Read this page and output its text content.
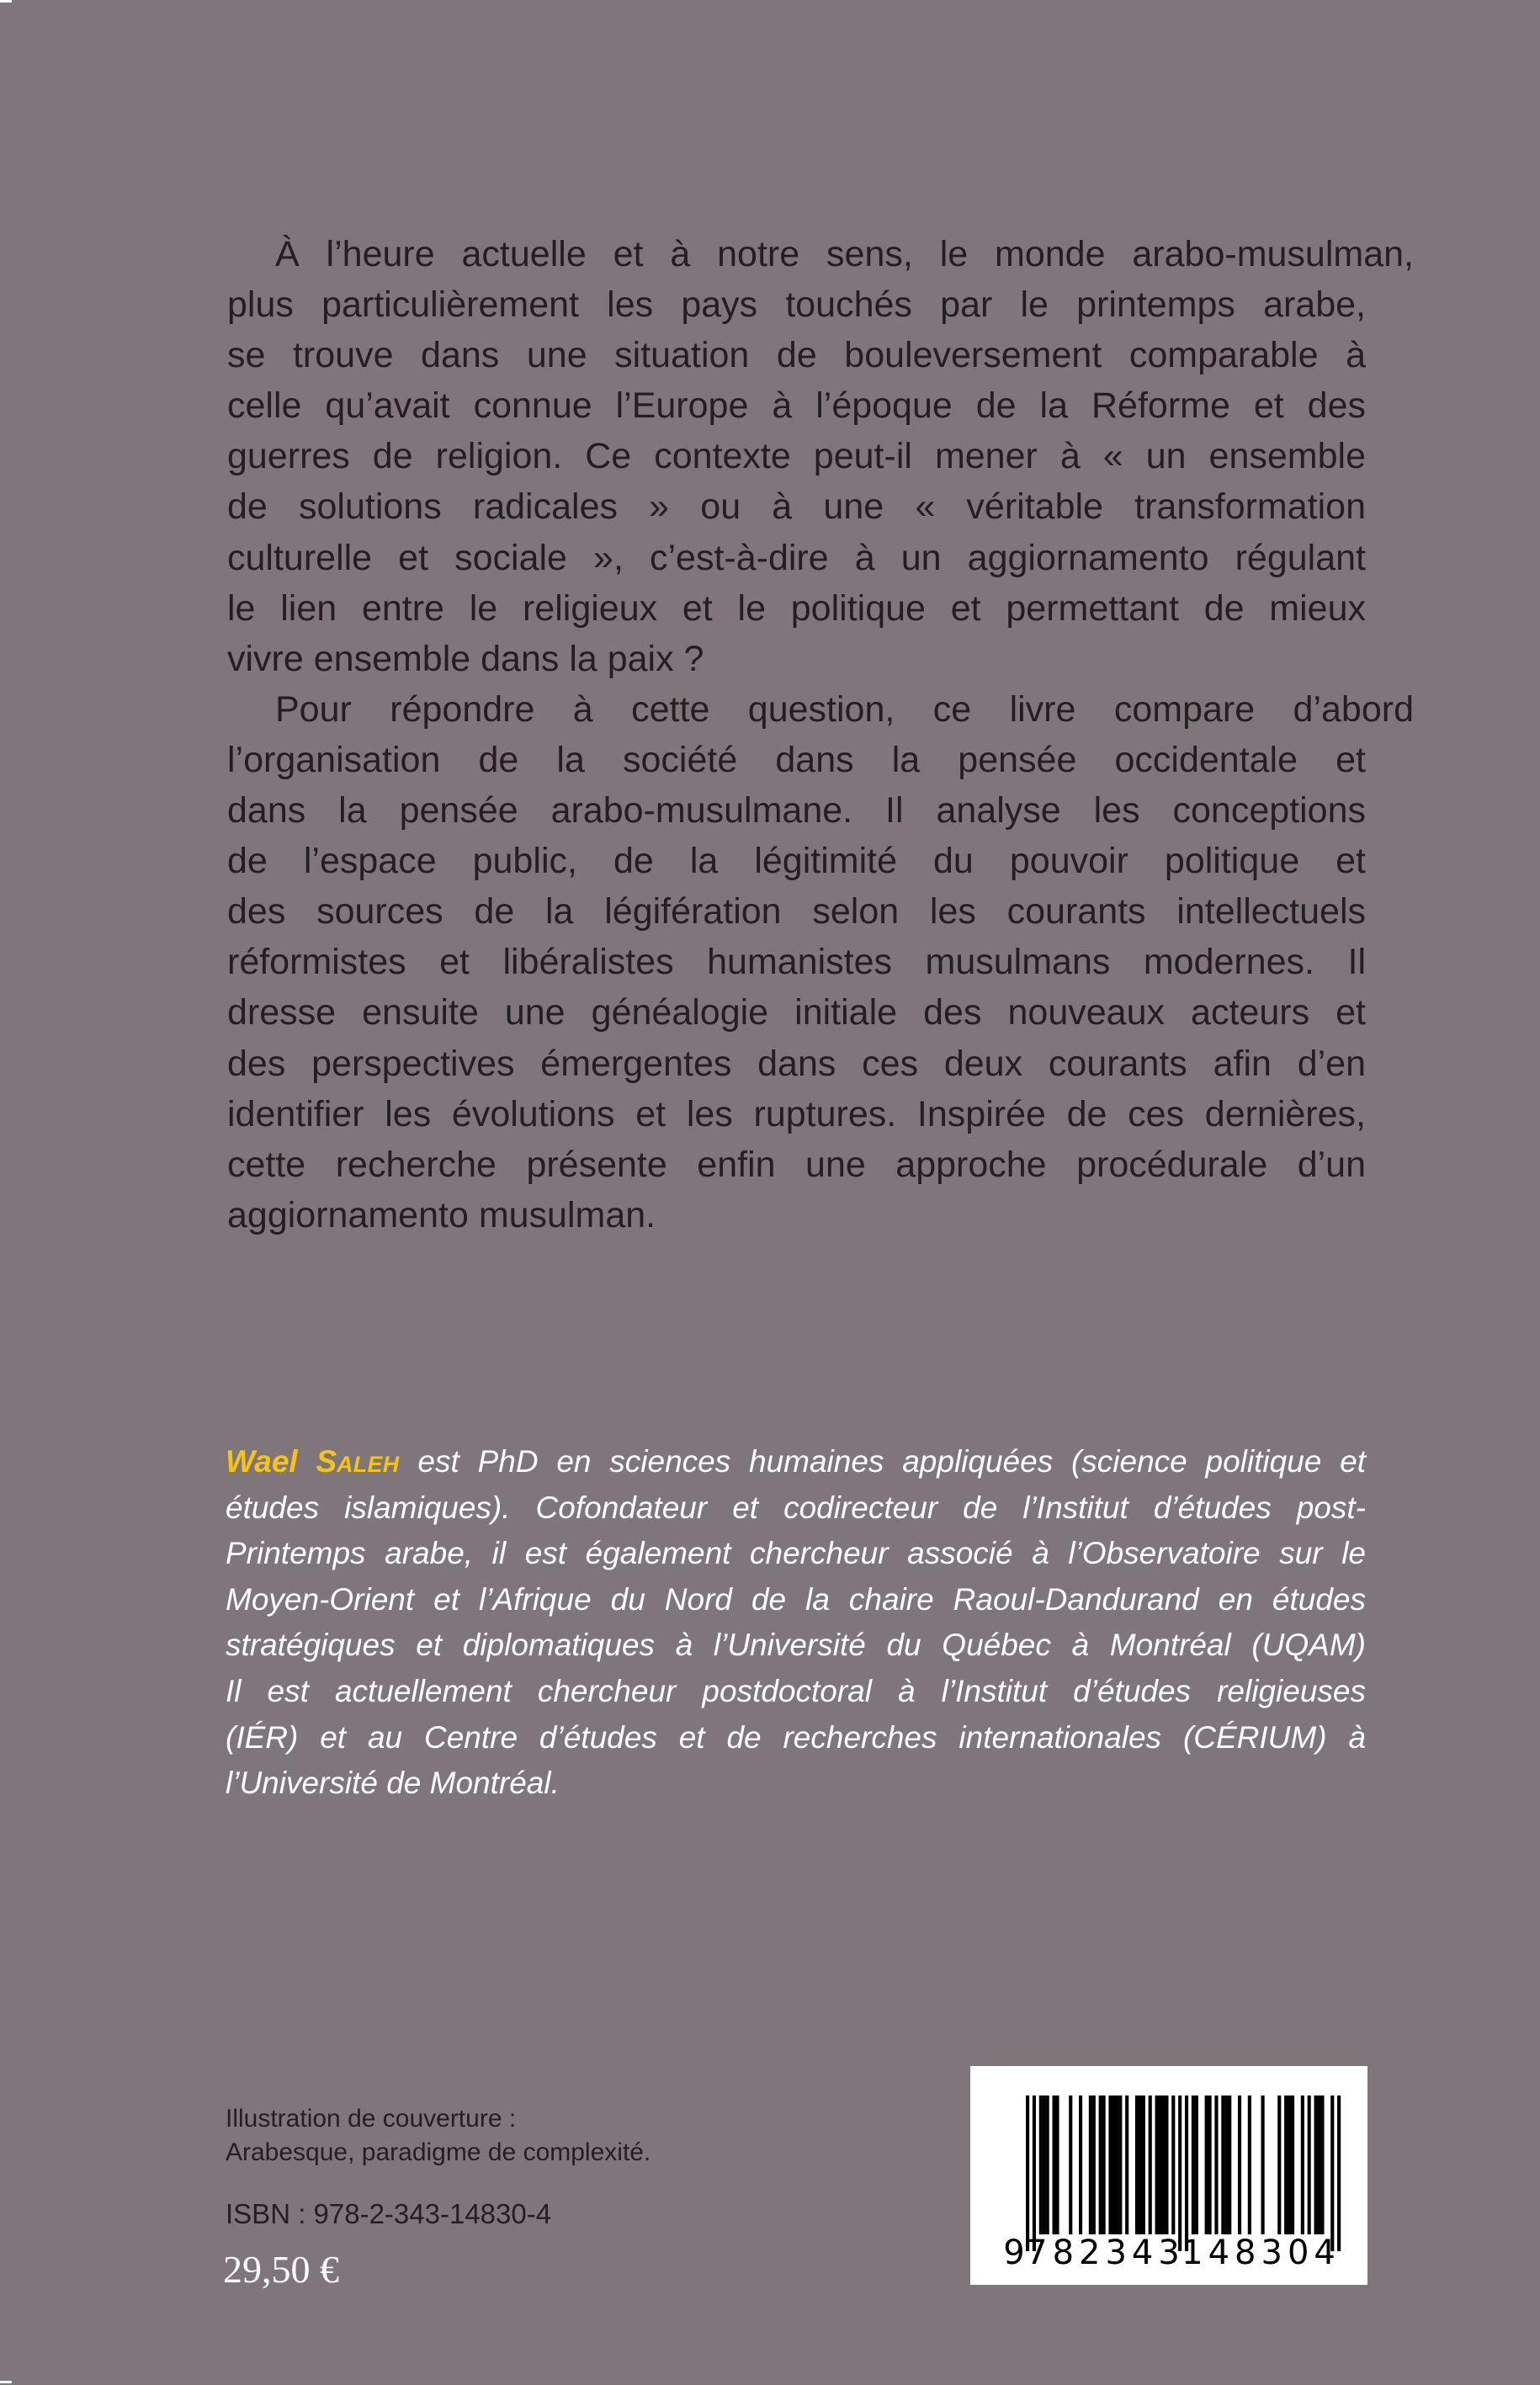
À l’heure actuelle et à notre sens, le monde arabo-musulman,
plus particulièrement les pays touchés par le printemps arabe,
se trouve dans une situation de bouleversement comparable à
celle qu’avait connue l’Europe à l’époque de la Réforme et des
guerres de religion. Ce contexte peut-il mener à « un ensemble
de solutions radicales » ou à une « véritable transformation
culturelle et sociale », c’est-à-dire à un aggiornamento régulant
le lien entre le religieux et le politique et permettant de mieux
vivre ensemble dans la paix ?
Pour répondre à cette question, ce livre compare d’abord
l’organisation de la société dans la pensée occidentale et
dans la pensée arabo-musulmane. Il analyse les conceptions
de l’espace public, de la légitimité du pouvoir politique et
des sources de la légifération selon les courants intellectuels
réformistes et libéralistes humanistes musulmans modernes. Il
dresse ensuite une généalogie initiale des nouveaux acteurs et
des perspectives émergentes dans ces deux courants afin d’en
identifier les évolutions et les ruptures. Inspirée de ces dernières,
cette recherche présente enfin une approche procédurale d’un
aggiornamento musulman.
Wael SALEH est PhD en sciences humaines appliquées (science politique et
études islamiques). Cofondateur et codirecteur de l’Institut d’études post-
Printemps arabe, il est également chercheur associé à l’Observatoire sur le
Moyen-Orient et l’Afrique du Nord de la chaire Raoul-Dandurand en études
stratégiques et diplomatiques à l’Université du Québec à Montréal (UQAM)
Il est actuellement chercheur postdoctoral à l’Institut d’études religieuses
(IÉR) et au Centre d’études et de recherches internationales (CÉRIUM) à
l’Université de Montréal.
Illustration de couverture :
Arabesque, paradigme de complexité.
ISBN : 978-2-343-14830-4
29,50 €	9 782343
148304
